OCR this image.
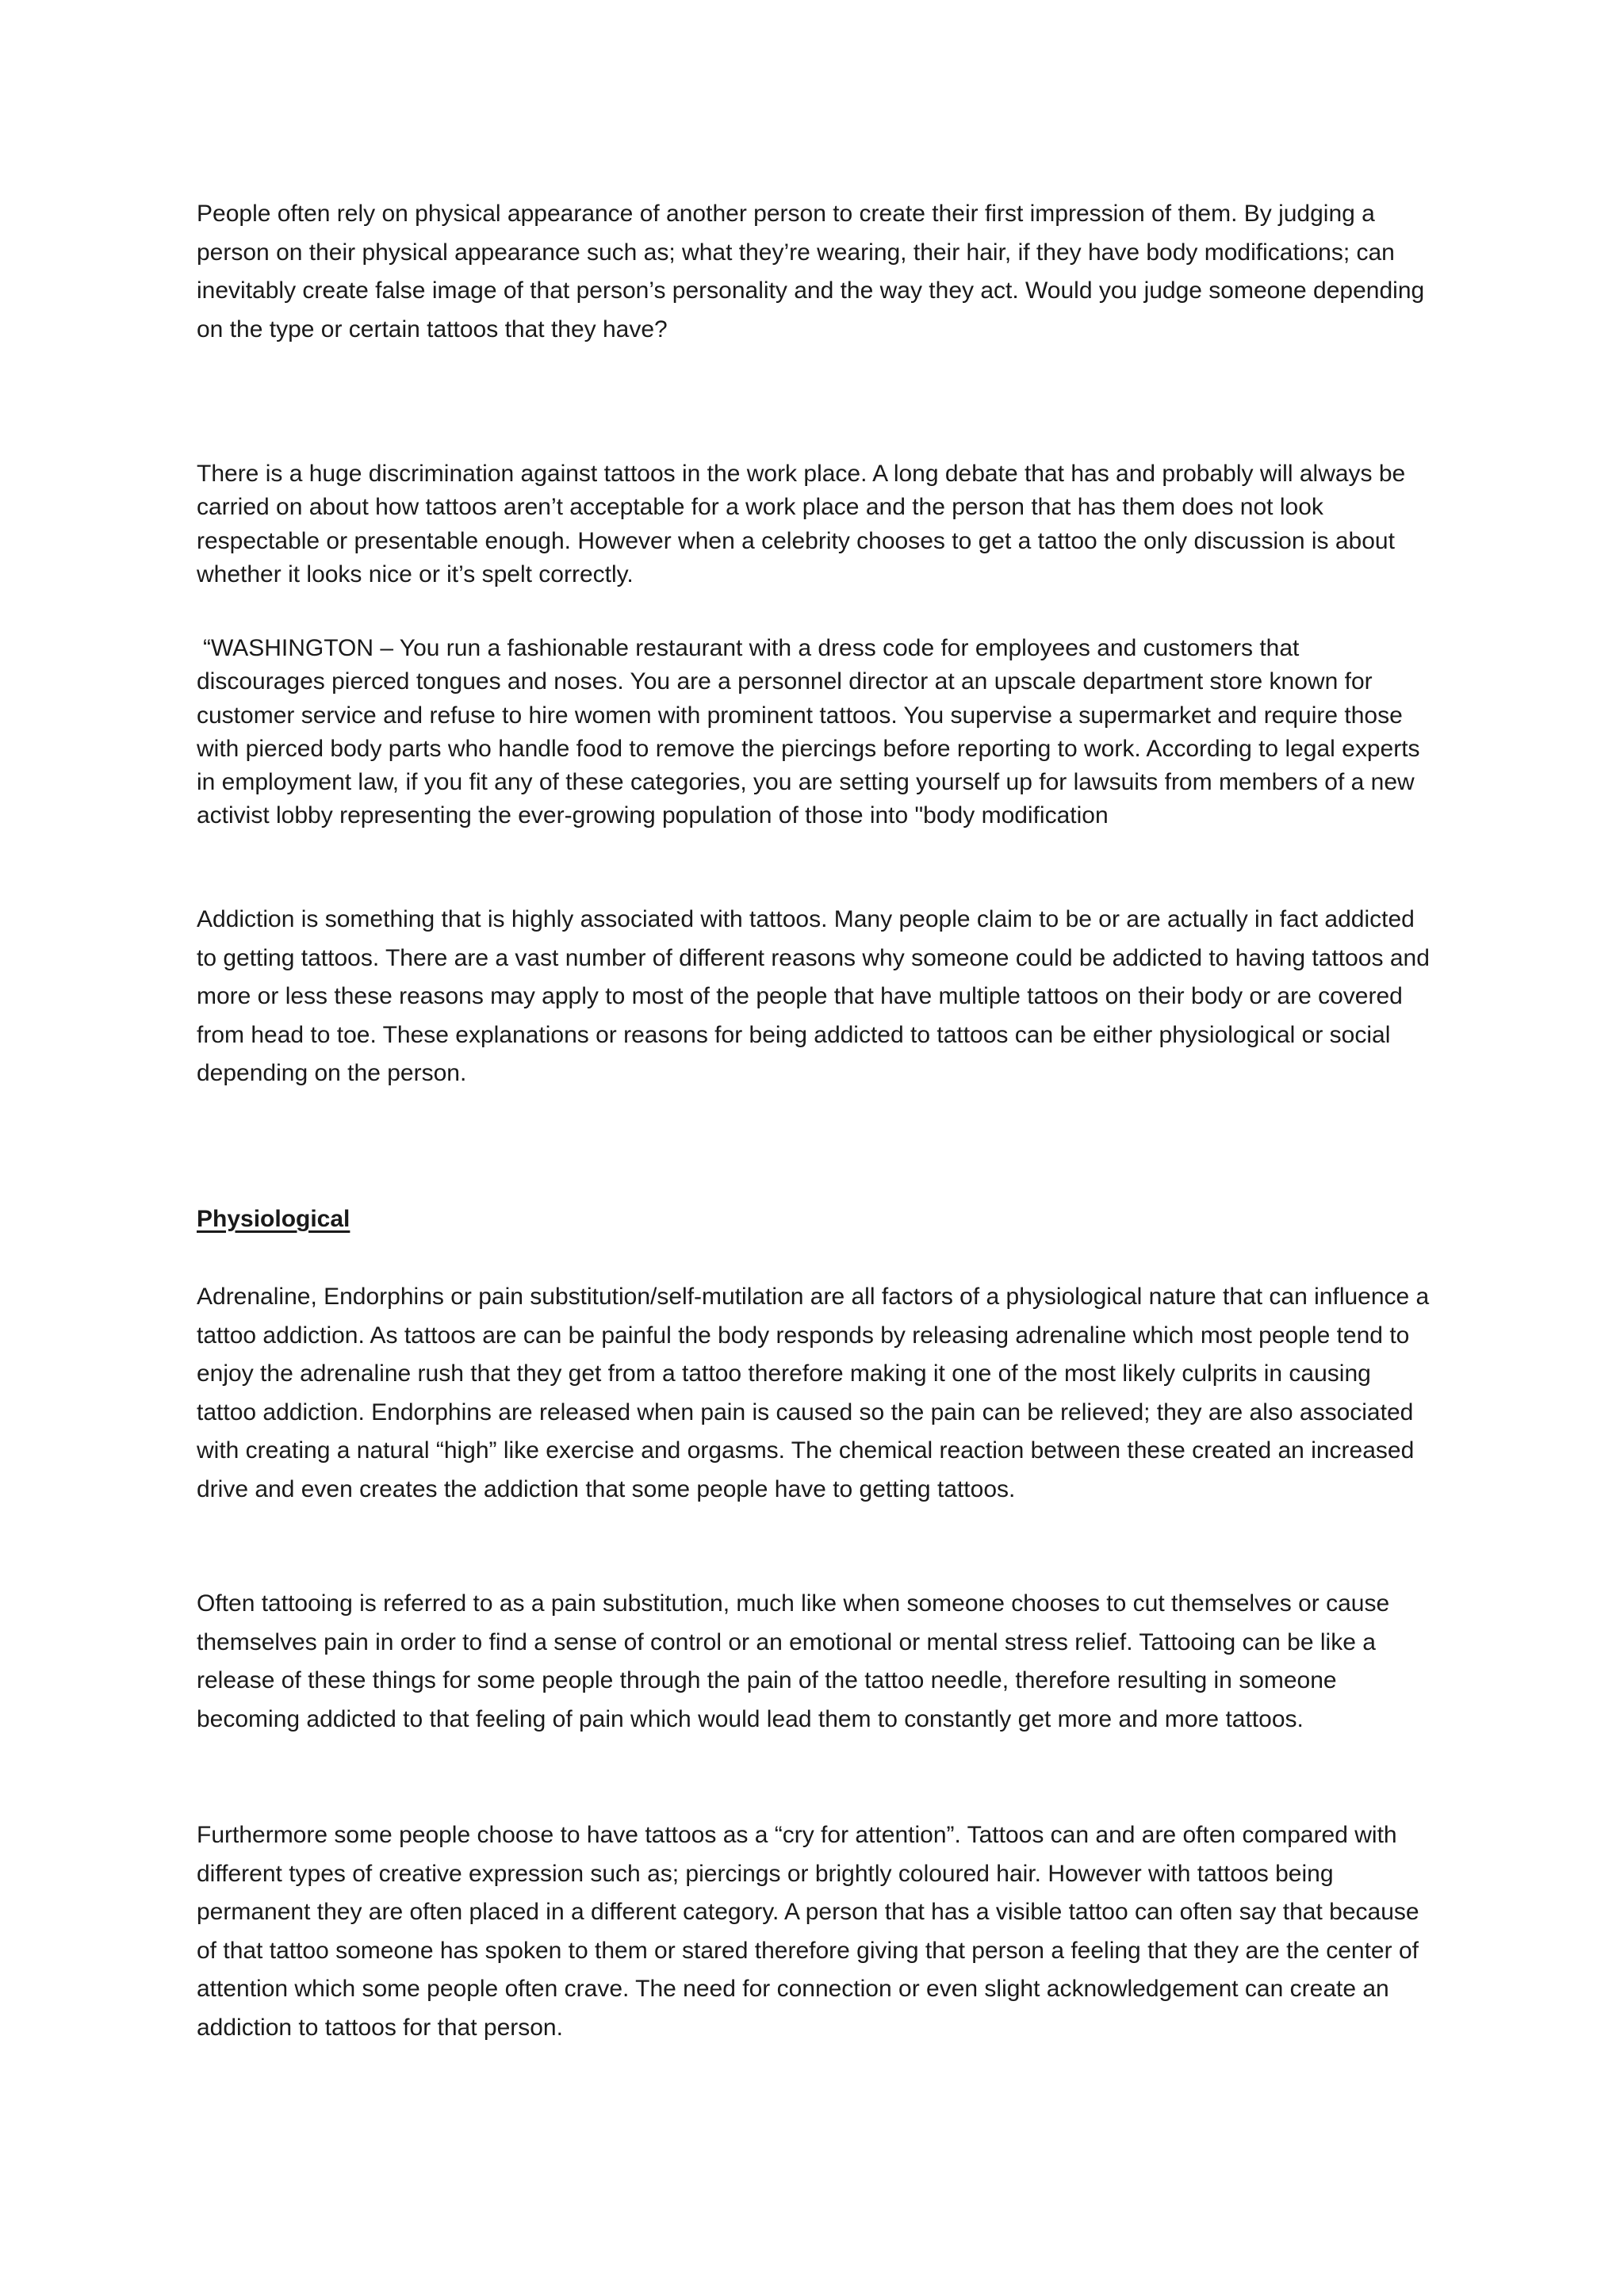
People often rely on physical appearance of another person to create their first impression of them. By judging a person on their physical appearance such as; what they’re wearing, their hair, if they have body modifications; can inevitably create false image of that person’s personality and the way they act. Would you judge someone depending on the type or certain tattoos that they have?

There is a huge discrimination against tattoos in the work place. A long debate that has and probably will always be carried on about how tattoos aren’t acceptable for a work place and the person that has them does not look respectable or presentable enough. However when a celebrity chooses to get a tattoo the only discussion is about whether it looks nice or it’s spelt correctly.

“WASHINGTON – You run a fashionable restaurant with a dress code for employees and customers that discourages pierced tongues and noses. You are a personnel director at an upscale department store known for customer service and refuse to hire women with prominent tattoos. You supervise a supermarket and require those with pierced body parts who handle food to remove the piercings before reporting to work. According to legal experts in employment law, if you fit any of these categories, you are setting yourself up for lawsuits from members of a new activist lobby representing the ever-growing population of those into "body modification

Addiction is something that is highly associated with tattoos. Many people claim to be or are actually in fact addicted to getting tattoos. There are a vast number of different reasons why someone could be addicted to having tattoos and more or less these reasons may apply to most of the people that have multiple tattoos on their body or are covered from head to toe. These explanations or reasons for being addicted to tattoos can be either physiological or social depending on the person.

Physiological

Adrenaline, Endorphins or pain substitution/self-mutilation are all factors of a physiological nature that can influence a tattoo addiction. As tattoos are can be painful the body responds by releasing adrenaline which most people tend to enjoy the adrenaline rush that they get from a tattoo therefore making it one of the most likely culprits in causing tattoo addiction. Endorphins are released when pain is caused so the pain can be relieved; they are also associated with creating a natural “high” like exercise and orgasms. The chemical reaction between these created an increased drive and even creates the addiction that some people have to getting tattoos.

Often tattooing is referred to as a pain substitution, much like when someone chooses to cut themselves or cause themselves pain in order to find a sense of control or an emotional or mental stress relief. Tattooing can be like a release of these things for some people through the pain of the tattoo needle, therefore resulting in someone becoming addicted to that feeling of pain which would lead them to constantly get more and more tattoos.

Furthermore some people choose to have tattoos as a “cry for attention”. Tattoos can and are often compared with different types of creative expression such as; piercings or brightly coloured hair. However with tattoos being permanent they are often placed in a different category. A person that has a visible tattoo can often say that because of that tattoo someone has spoken to them or stared therefore giving that person a feeling that they are the center of attention which some people often crave. The need for connection or even slight acknowledgement can create an addiction to tattoos for that person.
